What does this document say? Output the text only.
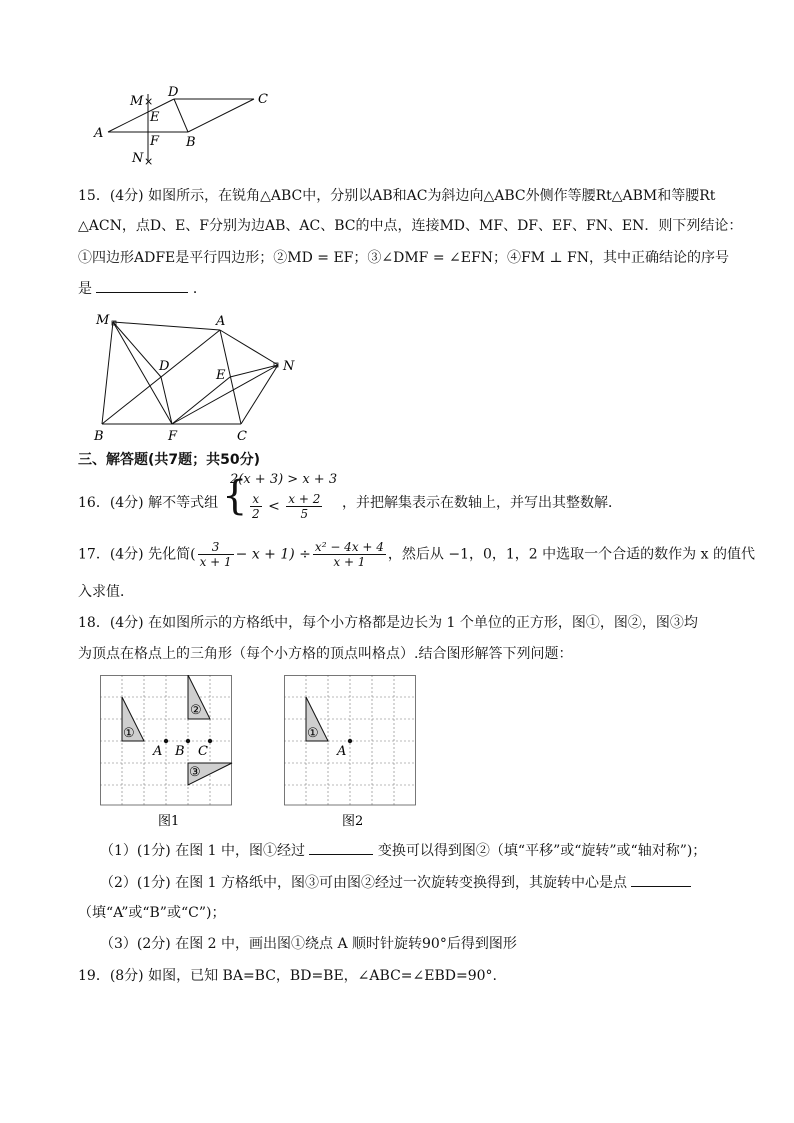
×
×
M
D	C
E
A
F B
N
15．(4分) 如图所示，在锐角△ABC中，分别以AB和AC为斜边向△ABC外侧作等腰Rt△ABM和等腰Rt
△ACN，点D、E、F分别为边AB、AC、BC的中点，连接MD、MF、DF、EF、FN、EN．则下列结论：
①四边形ADFE是平行四边形；②MD = EF；③∠DMF = ∠EFN；④FM ⊥ FN，其中正确结论的序号
是	．
M	A
D
E
N
B	F	C
三、解答题(共7题；共50分)
16．(4分) 解不等式组 {
2(x + 3) > x + 3
$\frac{x}{2} < \frac{x + 2}{5}$ ，并把解集表示在数轴上，并写出其整数解．
17．(4分) 先化简( $\frac{3}{x + 1} - x + 1) \div \frac{\text{x² − 4x + 4}}{x + 1}$ ，然后从 −1，0，1，2 中选取一个合适的数作为 x 的值代
入求值．
18．(4分) 在如图所示的方格纸中，每个小方格都是边长为 1 个单位的正方形，图①，图②，图③均
为顶点在格点上的三角形（每个小方格的顶点叫格点）.结合图形解答下列问题：
①
②
③
A B C
图1
①
A
图2
（1）(1分) 在图 1 中，图①经过	变换可以得到图②（填“平移”或“旋转”或“轴对称”)；
（2）(1分) 在图 1 方格纸中，图③可由图②经过一次旋转变换得到，其旋转中心是点
（填“A”或“B”或“C”)；
（3）(2分) 在图 2 中，画出图①绕点 A 顺时针旋转90°后得到图形
19．(8分) 如图，已知 BA=BC，BD=BE，∠ABC=∠EBD=90°.
